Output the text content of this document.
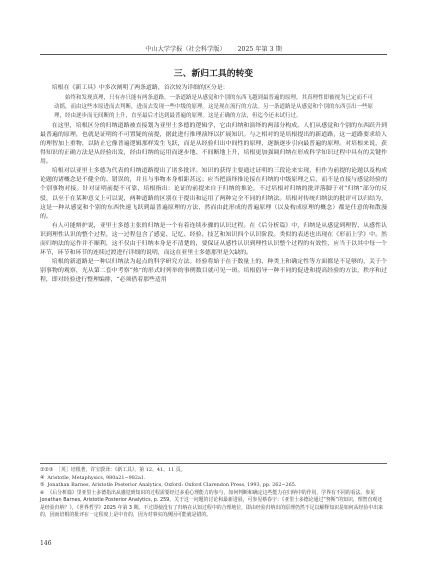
中山大学学报（社会科学版） 2025 年第 3 期
三、新归工具的转变

培根在《新工具》中多次阐明了两条道路，首次较为详细的区分是：

始终和发现真理，只有亦只能有两条道路。一条道路是从感觉和个别的东西飞越到最普遍的原理，其真理性即被视为已定而不可动摇，而由这些本原进而去判断，进而去发现一些中级的原理。这是现在流行的方法。另一条道路是从感觉和个别的东西引出一些原理，经由逐步而无间断的上升，直至最后才达到最普遍的原理。这是正确的方法，但迄今还未试行过。

在这里，培根区分的归纳道路被直接划为亚里士多德的逻辑学，它由归纳和演绎的两部分构成。人们从感觉和个别的东西跃升到最普遍的原理，也就是证明的不可置疑的前提，据此进行推理演绎以扩展知识。与之相对的是培根提出的新道路，这一道路要求给人的理智加上重物，以防止它像普遍逻辑那样发生飞跃，而是从经验归出中间性的原理，逐渐逐步引向最普遍的原理。对培根来说，获得知识的正确方法是从经验出发，经由归纳的运用而逐步地、不间断地上升，培根更加强调归纳在形成科学知识过程中具有的关键作用。

培根对以亚里士多德为代表的归纳道路提出了诸多批评。知识的获得主要通过证明的三段论来实现，但作为前提的论题以及构成论题的诸概念是不健全的、错误的，并且与事物本身相距甚远；应当把演绎推论接在归纳的中级原理之后，而不是直接与感觉经验的个别事物对接。针对证明前提不可靠，培根指出：论证的前提来自于归纳的推论，不过培根对归纳的批评落脚于对“归纳”部分的反驳，以至于在某种意义上可以说，两种道路的区别在于提出和运用了两种完全不同的归纳法。培根对传统归纳法的批评可以归结为，这是一种从感觉和个别的东西快速飞跃到最普遍原理的方法，然而由此形成的普遍原理（以及构成原理的概念）都是任意的和散漫的。

有人可能辩护说，亚里士多德主张的归纳是一个有着连续步骤的认识过程。在《后分析篇》中，归纳是从感觉到理智、从感性认识到理性认识的整个过程，这一过程包含了感觉、记忆、经验、技艺和知识四个认识阶段。类似的表述也出现在《形而上学》中。然而归纳法的运作并不顺利，这不仅由于归纳本身是不清楚的，要保证从感性认识到理性认识整个过程的有效性，应当于以其中每一个环节，环节和环节的连续过渡进行详细的说明，而这在亚里士多德那里是欠缺的。

培根的新道路是一种以归纳法为起点的科学研究方法。经验将始于在于数量上的、种类上和确定性等方面都是不足够的，关于个别事物的观察，光从第二套中考察“热”的形式时列举的事例数目就可见一斑。培根倡导一种不同的促进和提高经验的方法，秩序和过程，即对经验进行整理编排，“必须借着那些适用

①②③ ［英］培根著，许宝骙译：《新工具》，第 12、41、11 页。
④ Aristotle, Metaphysics, 980a21−982a1.
⑤ Jonathan Barnes, Aristotle Posterior Analytics, Oxford: Oxford Clarendon Press, 1993, pp. 262−265.
⑥ 《后分析篇》里亚里士多德指出从感觉到知识的过程需要经过多重心理能力的参与，如何判断和确定这些能力在归纳中的作用，学界有不同的看法。参见 Jonathan Barnes, Aristotle Posterior Analytics, p. 259。关于这一问题的讨论和最新进展，可参见蔡春宇：《亚里士多德论通过“努斯”的知识，理智直观还是经验归纳？》，《世界哲学》2025 年第 3 期。不过即使没有了归纳在认知过程中的合理地位，即由经验归纳出的原理仍然不足以解释知识是如何从经验中出来的，因而培根的批评在一定程度上是中肯的，因为对事实的测因可能就是错的。
146
